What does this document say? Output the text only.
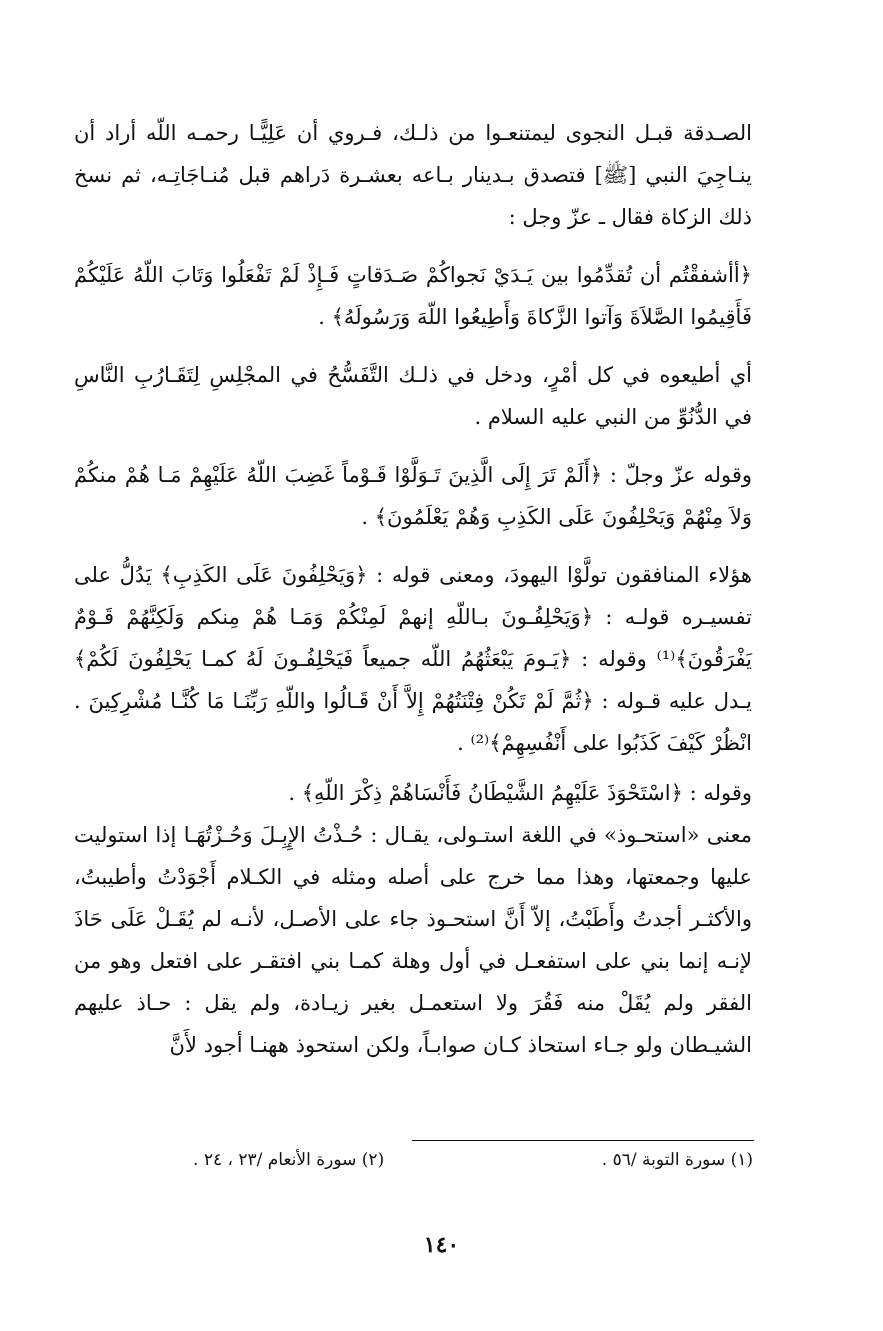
الصـدقة قبـل النجوى ليمتنعـوا من ذلـك، فـروي أن عَلِيًّـا رحمـه اللّه أراد أن ينـاجِيَ النبي [ﷺ] فتصدق بـدينار بـاعه بعشـرة دَراهم قبل مُنـاجَاتِـه، ثم نسخ ذلك الزكاة فقال ـ عزّ وجل :

﴿أأشفقْتُم أن تُقدِّمُوا بين يَـدَيْ نَجواكُمْ صَـدَقاتٍ فَـإِذْ لَمْ تَفْعَلُوا وَتَابَ اللّهُ عَلَيْكُمْ فَأَقِيمُوا الصَّلاَةَ وَآتوا الزَّكاةَ وَأَطِيعُوا اللّهَ وَرَسُولَهُ﴾ .

أي أطيعوه في كل أمْرٍ، ودخل في ذلـك التَّفَسُّحُ في المجْلِسِ لِتَقَـارُبِ النَّاسِ في الدُّنُوِّ من النبي عليه السلام .

وقوله عزّ وجلّ : ﴿أَلَمْ تَرَ إِلَى الَّذِينَ تَـوَلَّوْا قَـوْماً غَضِبَ اللّهُ عَلَيْهِمْ مَـا هُمْ منكُمْ وَلاَ مِنْهُمْ وَيَحْلِفُونَ عَلَى الكَذِبِ وَهُمْ يَعْلَمُونَ﴾ .

هؤلاء المنافقون تولَّوْا اليهودَ، ومعنى قوله : ﴿وَيَحْلِفُونَ عَلَى الكَذِبِ﴾ يَدُلُّ على تفسيـره قولـه : ﴿وَيَحْلِفُـونَ بـاللّهِ إنهمْ لَمِنْكُمْ وَمَـا هُمْ مِنكم وَلَكِنَّهُمْ قَـوْمٌ يَفْرَقُونَ﴾⁽¹⁾ وقوله : ﴿يَـومَ يَبْعَثُهُمُ اللّه جميعاً فَيَحْلِفُـونَ لَهُ كمـا يَحْلِفُونَ لَكُمْ﴾ يـدل عليه قـوله : ﴿ثُمَّ لَمْ تَكُنْ فِتْنَتُهُمْ إِلاَّ أَنْ قَـالُوا واللّهِ رَبِّنَـا مَا كُنَّـا مُشْرِكِينَ . انْظُرْ كَيْفَ كَذَبُوا على أَنْفُسِهِمْ﴾⁽²⁾ .

وقوله : ﴿اسْتَحْوَذَ عَلَيْهِمُ الشَّيْطَانُ فَأَنْسَاهُمْ ذِكْرَ اللّهِ﴾ .

معنى «استحـوذ» في اللغة استـولى، يقـال : حُـذْتُ الإِبِـلَ وَحُـزْتُهَـا إذا استوليت عليها وجمعتها، وهذا مما خرج على أصله ومثله في الكـلام أَجْوَدْتُ وأطيبتُ، والأكثـر أجدتُ وأَطَبْتُ، إلاّ أَنَّ استحـوذ جاء على الأصـل، لأنـه لم يُقَـلْ عَلَى حَاذَ لإنـه إنما بني على استفعـل في أول وهلة كمـا بني افتقـر على افتعل وهو من الفقر ولم يُقَلْ منه فَقُرَ ولا استعمـل بغير زيـادة، ولم يقل : حـاذ عليهم الشيـطان ولو جـاء استحاذ كـان صوابـاً، ولكن استحوذ ههنـا أجود لأَنَّ

(١) سورة التوبة /٥٦ .
(٢) سورة الأنعام /٢٣ ، ٢٤ .
١٤٠
